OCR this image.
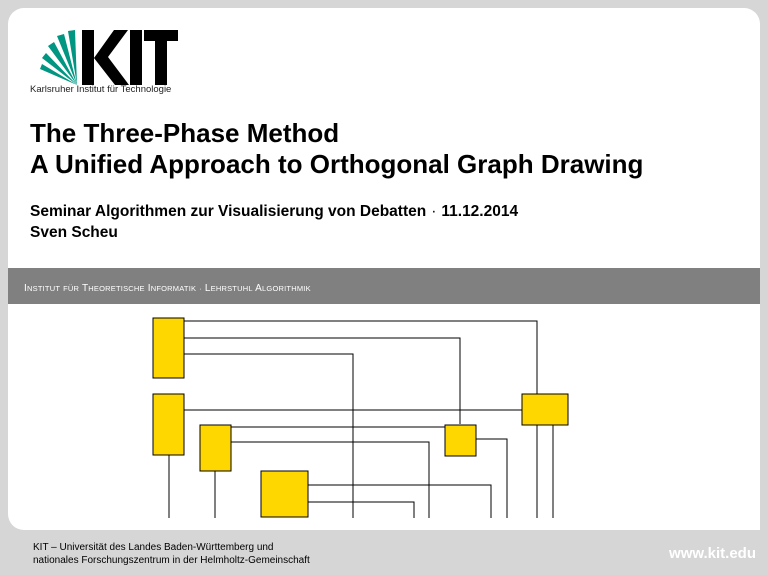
Karlsruher Institut für Technologie
The Three-Phase Method
A Unified Approach to Orthogonal Graph Drawing
Seminar Algorithmen zur Visualisierung von Debatten · 11.12.2014
Sven Scheu
INSTITUT FÜR THEORETISCHE INFORMATIK · LEHRSTUHL ALGORITHMIK
KIT – Universität des Landes Baden-Württemberg und
nationales Forschungszentrum in der Helmholtz-Gemeinschaft	www.kit.edu
